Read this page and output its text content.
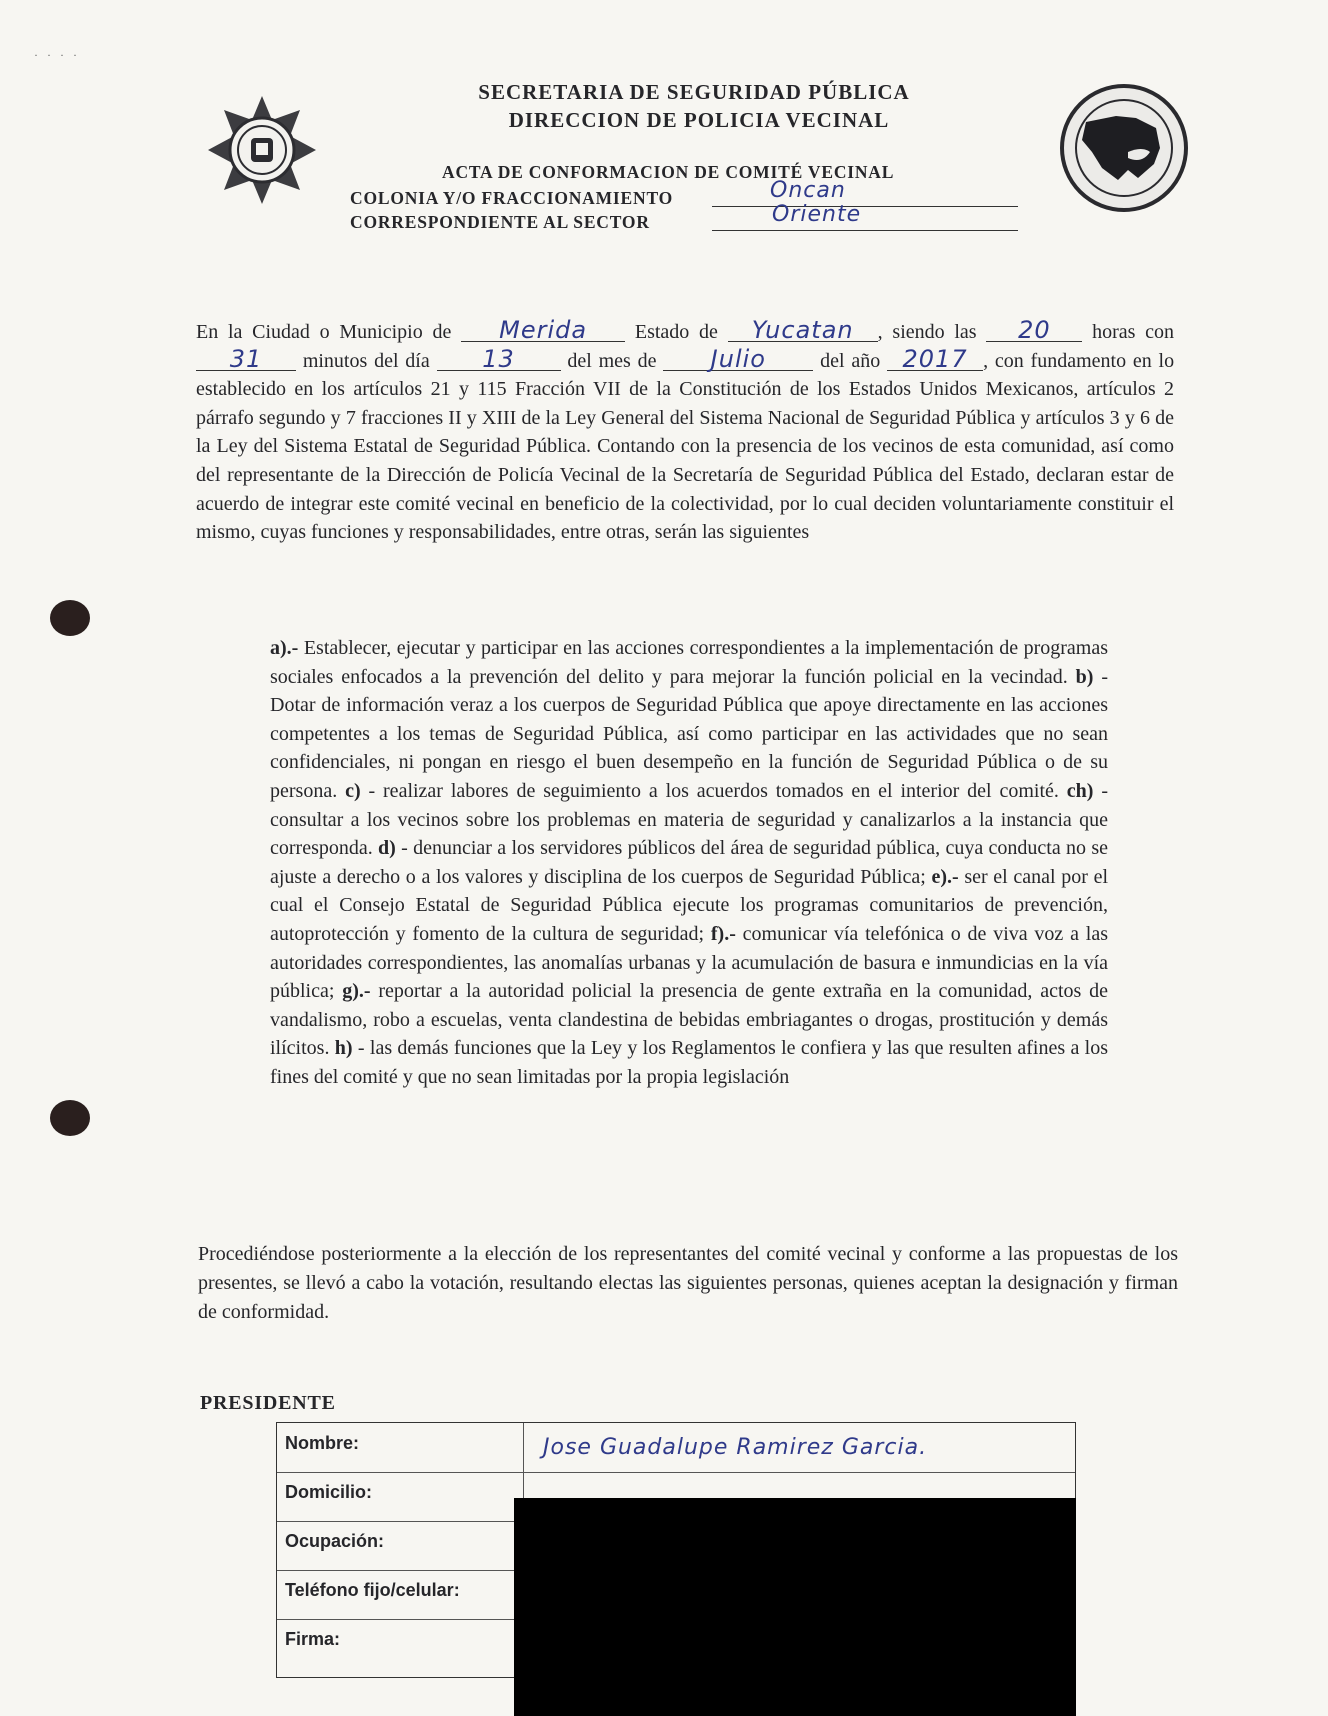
· · · ·
SECRETARIA DE SEGURIDAD PÚBLICA
DIRECCION DE POLICIA VECINAL
ACTA DE CONFORMACION DE COMITÉ VECINAL
COLONIA Y/O FRACCIONAMIENTO	Oncan
CORRESPONDIENTE AL SECTOR	Oriente
En la Ciudad o Municipio de Merida Estado de Yucatan , siendo las 20 horas con 31 minutos del día 13	del mes de Julio	del año 2017 , con fundamento en lo establecido en los artículos 21 y 115 Fracción VII de la Constitución de los Estados Unidos Mexicanos, artículos 2 párrafo segundo y 7 fracciones II y XIII de la Ley General del Sistema Nacional de Seguridad Pública y artículos 3 y 6 de la Ley del Sistema Estatal de Seguridad Pública. Contando con la presencia de los vecinos de esta comunidad, así como del representante de la Dirección de Policía Vecinal de la Secretaría de Seguridad Pública del Estado, declaran estar de acuerdo de integrar este comité vecinal en beneficio de la colectividad, por lo cual deciden voluntariamente constituir el mismo, cuyas funciones y responsabilidades, entre otras, serán las siguientes
a).- Establecer, ejecutar y participar en las acciones correspondientes a la implementación de programas sociales enfocados a la prevención del delito y para mejorar la función policial en la vecindad. b) - Dotar de información veraz a los cuerpos de Seguridad Pública que apoye directamente en las acciones competentes a los temas de Seguridad Pública, así como participar en las actividades que no sean confidenciales, ni pongan en riesgo el buen desempeño en la función de Seguridad Pública o de su persona. c) - realizar labores de seguimiento a los acuerdos tomados en el interior del comité. ch) - consultar a los vecinos sobre los problemas en materia de seguridad y canalizarlos a la instancia que corresponda. d) - denunciar a los servidores públicos del área de seguridad pública, cuya conducta no se ajuste a derecho o a los valores y disciplina de los cuerpos de Seguridad Pública; e).- ser el canal por el cual el Consejo Estatal de Seguridad Pública ejecute los programas comunitarios de prevención, autoprotección y fomento de la cultura de seguridad; f).- comunicar vía telefónica o de viva voz a las autoridades correspondientes, las anomalías urbanas y la acumulación de basura e inmundicias en la vía pública; g).- reportar a la autoridad policial la presencia de gente extraña en la comunidad, actos de vandalismo, robo a escuelas, venta clandestina de bebidas embriagantes o drogas, prostitución y demás ilícitos. h) - las demás funciones que la Ley y los Reglamentos le confiera y las que resulten afines a los fines del comité y que no sean limitadas por la propia legislación
Procediéndose posteriormente a la elección de los representantes del comité vecinal y conforme a las propuestas de los presentes, se llevó a cabo la votación, resultando electas las siguientes personas, quienes aceptan la designación y firman de conformidad.
PRESIDENTE
Nombre:	Jose Guadalupe Ramirez Garcia.
Domicilio:
Ocupación:
Teléfono fijo/celular:
Firma:
